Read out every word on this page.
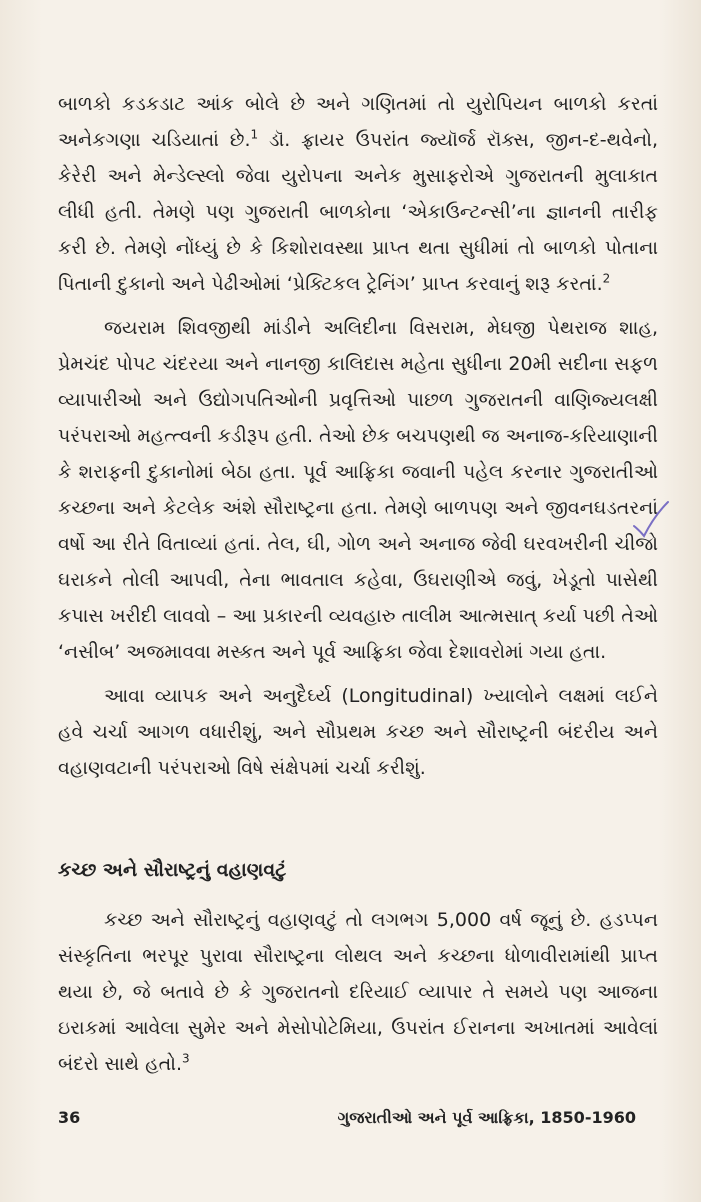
બાળકો કડકડાટ આંક બોલે છે અને ગણિતમાં તો યુરોપિયન બાળકો કરતાં અનેકગણા ચડિયાતાં છે.$^1$ ડૉ. ફ્રાયર ઉપરાંત જ્યૉર્જ રૉક્સ, જીન-દ-થવેનો, કેરેરી અને મેન્ડેલ્સ્લો જેવા યુરોપના અનેક મુસાફરોએ ગુજરાતની મુલાકાત લીધી હતી. તેમણે પણ ગુજરાતી બાળકોના ‘એકાઉન્ટન્સી’ના જ્ઞાનની તારીફ કરી છે. તેમણે નોંધ્યું છે કે કિશોરાવસ્થા પ્રાપ્ત થતા સુધીમાં તો બાળકો પોતાના પિતાની દુકાનો અને પેઢીઓમાં ‘પ્રેક્ટિકલ ટ્રેનિંગ’ પ્રાપ્ત કરવાનું શરૂ કરતાં.$^2$

જયરામ શિવજીથી માંડીને અલિદીના વિસરામ, મેઘજી પેથરાજ શાહ, પ્રેમચંદ પોપટ ચંદરયા અને નાનજી કાલિદાસ મહેતા સુધીના 20મી સદીના સફળ વ્યાપારીઓ અને ઉદ્યોગપતિઓની પ્રવૃત્તિઓ પાછળ ગુજરાતની વાણિજ્યલક્ષી પરંપરાઓ મહત્ત્વની કડીરૂપ હતી. તેઓ છેક બચપણથી જ અનાજ-કરિયાણાની કે શરાફની દુકાનોમાં બેઠા હતા. પૂર્વ આફ્રિકા જવાની પહેલ કરનાર ગુજરાતીઓ કચ્છના અને કેટલેક અંશે સૌરાષ્ટ્રના હતા. તેમણે બાળપણ અને જીવનઘડતરનાં વર્ષો આ રીતે વિતાવ્યાં હતાં. તેલ, ઘી, ગોળ અને અનાજ જેવી ઘરવખરીની ચીજો ઘરાકને તોલી આપવી, તેના ભાવતાલ કહેવા, ઉઘરાણીએ જવું, ખેડૂતો પાસેથી કપાસ ખરીદી લાવવો – આ પ્રકારની વ્યવહારુ તાલીમ આત્મસાત્ કર્યા પછી તેઓ ‘નસીબ’ અજમાવવા મસ્કત અને પૂર્વ આફ્રિકા જેવા દેશાવરોમાં ગયા હતા.

આવા વ્યાપક અને અનુદૈર્ઘ્ય (Longitudinal) ખ્યાલોને લક્ષમાં લઈને હવે ચર્ચા આગળ વધારીશું, અને સૌપ્રથમ કચ્છ અને સૌરાષ્ટ્રની બંદરીય અને વહાણવટાની પરંપરાઓ વિષે સંક્ષેપમાં ચર્ચા કરીશું.

કચ્છ અને સૌરાષ્ટ્રનું વહાણવટું

કચ્છ અને સૌરાષ્ટ્રનું વહાણવટું તો લગભગ 5,000 વર્ષ જૂનું છે. હડપ્પન સંસ્કૃતિના ભરપૂર પુરાવા સૌરાષ્ટ્રના લોથલ અને કચ્છના ધોળાવીરામાંથી પ્રાપ્ત થયા છે, જે બતાવે છે કે ગુજરાતનો દરિયાઈ વ્યાપાર તે સમયે પણ આજના ઇરાકમાં આવેલા સુમેર અને મેસોપોટેમિયા, ઉપરાંત ઈરાનના અખાતમાં આવેલાં બંદરો સાથે હતો.$^3$

36	ગુજરાતીઓ અને પૂર્વ આફ્રિકા, 1850-1960
